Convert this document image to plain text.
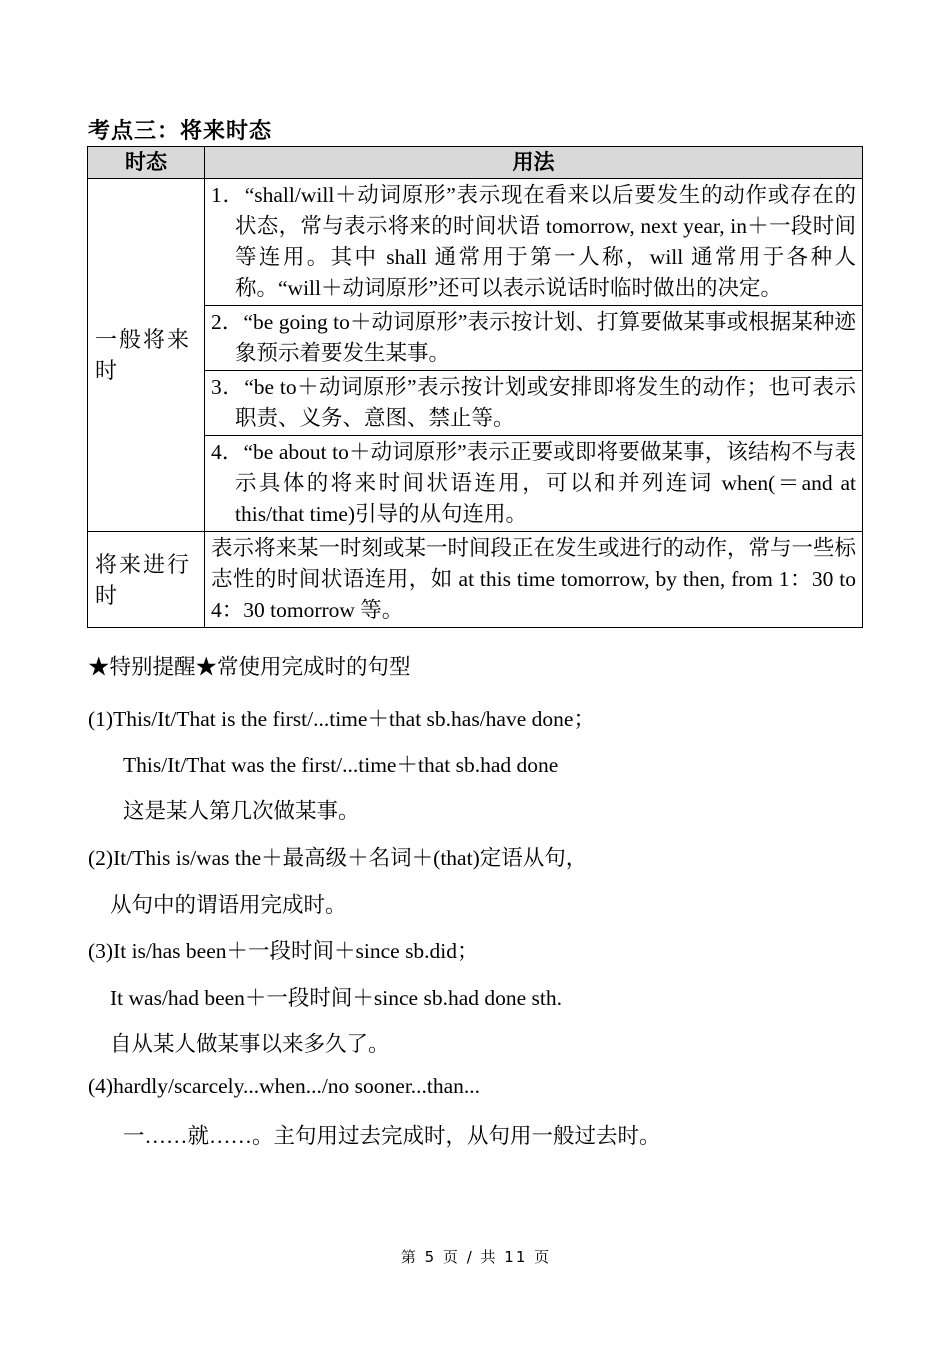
考点三：将来时态
时态	用法
一般将来时	1．“shall/will＋动词原形”表示现在看来以后要发生的动作或存在的状态，常与表示将来的时间状语 tomorrow, next year, in＋一段时间等连用。其中 shall 通常用于第一人称，will 通常用于各种人称。“will＋动词原形”还可以表示说话时临时做出的决定。

	2．“be going to＋动词原形”表示按计划、打算要做某事或根据某种迹象预示着要发生某事。

	3．“be to＋动词原形”表示按计划或安排即将发生的动作；也可表示职责、义务、意图、禁止等。

	4．“be about to＋动词原形”表示正要或即将要做某事，该结构不与表示具体的将来时间状语连用，可以和并列连词 when(＝and at this/that time)引导的从句连用。

将来进行时	表示将来某一时刻或某一时间段正在发生或进行的动作，常与一些标志性的时间状语连用，如 at this time tomorrow, by then, from 1：30 to 4：30 tomorrow 等。
★特别提醒★常使用完成时的句型
(1)This/It/That is the first/...time＋that sb.has/have done；
This/It/That was the first/...time＋that sb.had done
这是某人第几次做某事。
(2)It/This is/was the＋最高级＋名词＋(that)定语从句，
从句中的谓语用完成时。
(3)It is/has been＋一段时间＋since sb.did；
It was/had been＋一段时间＋since sb.had done sth.
自从某人做某事以来多久了。
(4)hardly/scarcely...when.../no sooner...than...
一……就……。主句用过去完成时，从句用一般过去时。
第 5 页 / 共 11 页
